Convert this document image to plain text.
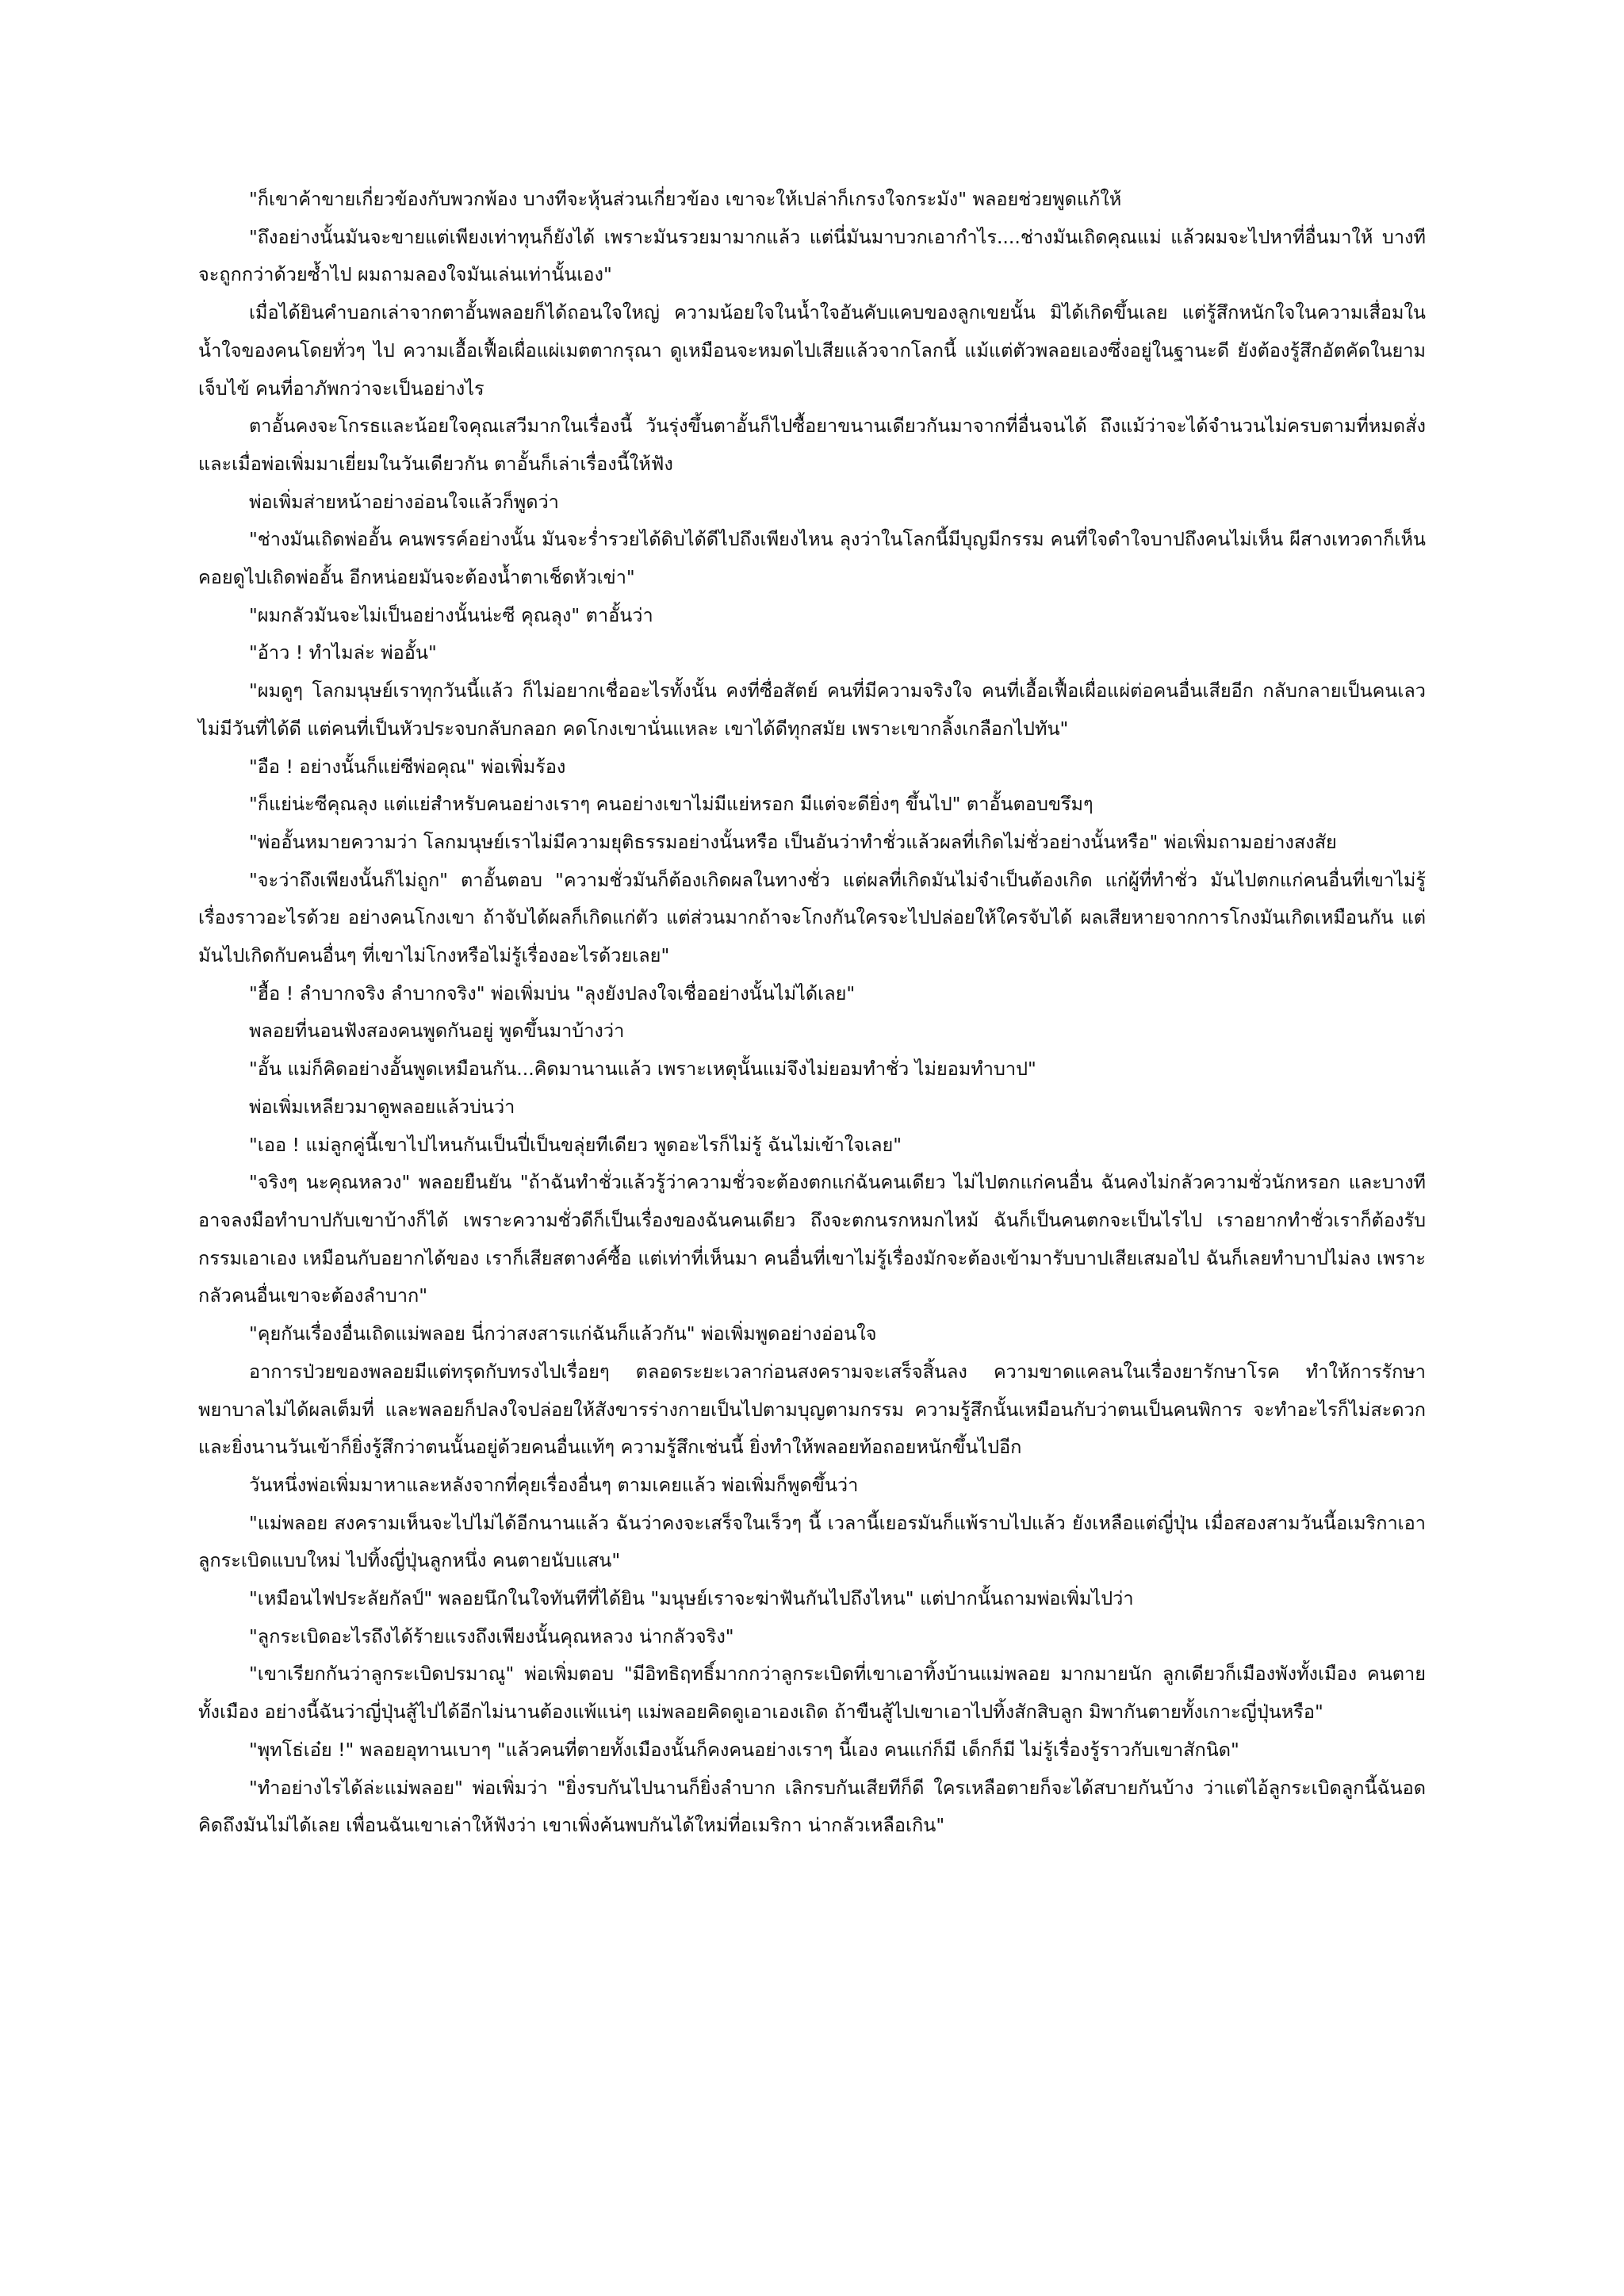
"ก็เขาค้าขายเกี่ยวข้องกับพวกพ้อง บางทีจะหุ้นส่วนเกี่ยวข้อง เขาจะให้เปล่าก็เกรงใจกระมัง" พลอยช่วยพูดแก้ให้

"ถึงอย่างนั้นมันจะขายแต่เพียงเท่าทุนก็ยังได้ เพราะมันรวยมามากแล้ว แต่นี่มันมาบวกเอากำไร....ช่างมันเถิดคุณแม่ แล้วผมจะไปหาที่อื่นมาให้ บางทีจะถูกกว่าด้วยซ้ำไป ผมถามลองใจมันเล่นเท่านั้นเอง"

เมื่อได้ยินคำบอกเล่าจากตาอั้นพลอยก็ได้ถอนใจใหญ่ ความน้อยใจในน้ำใจอันคับแคบของลูกเขยนั้น มิได้เกิดขึ้นเลย แต่รู้สึกหนักใจในความเสื่อมในน้ำใจของคนโดยทั่วๆ ไป ความเอื้อเฟื้อเผื่อแผ่เมตตากรุณา ดูเหมือนจะหมดไปเสียแล้วจากโลกนี้ แม้แต่ตัวพลอยเองซึ่งอยู่ในฐานะดี ยังต้องรู้สึกอัตคัดในยามเจ็บไข้ คนที่อาภัพกว่าจะเป็นอย่างไร

ตาอั้นคงจะโกรธและน้อยใจคุณเสวีมากในเรื่องนี้ วันรุ่งขึ้นตาอั้นก็ไปซื้อยาขนานเดียวกันมาจากที่อื่นจนได้ ถึงแม้ว่าจะได้จำนวนไม่ครบตามที่หมดสั่ง และเมื่อพ่อเพิ่มมาเยี่ยมในวันเดียวกัน ตาอั้นก็เล่าเรื่องนี้ให้ฟัง

พ่อเพิ่มส่ายหน้าอย่างอ่อนใจแล้วก็พูดว่า

"ช่างมันเถิดพ่ออั้น คนพรรค์อย่างนั้น มันจะร่ำรวยได้ดิบได้ดีไปถึงเพียงไหน ลุงว่าในโลกนี้มีบุญมีกรรม คนที่ใจดำใจบาปถึงคนไม่เห็น ผีสางเทวดาก็เห็น คอยดูไปเถิดพ่ออั้น อีกหน่อยมันจะต้องน้ำตาเช็ดหัวเข่า"

"ผมกลัวมันจะไม่เป็นอย่างนั้นน่ะซี คุณลุง" ตาอั้นว่า

"อ้าว ! ทำไมล่ะ พ่ออั้น"

"ผมดูๆ โลกมนุษย์เราทุกวันนี้แล้ว ก็ไม่อยากเชื่ออะไรทั้งนั้น คงที่ซื่อสัตย์ คนที่มีความจริงใจ คนที่เอื้อเฟื้อเผื่อแผ่ต่อคนอื่นเสียอีก กลับกลายเป็นคนเลวไม่มีวันที่ได้ดี แต่คนที่เป็นหัวประจบกลับกลอก คดโกงเขานั่นแหละ เขาได้ดีทุกสมัย เพราะเขากลิ้งเกลือกไปทัน"

"อือ ! อย่างนั้นก็แย่ซีพ่อคุณ" พ่อเพิ่มร้อง

"ก็แย่น่ะซีคุณลุง แต่แย่สำหรับคนอย่างเราๆ คนอย่างเขาไม่มีแย่หรอก มีแต่จะดียิ่งๆ ขึ้นไป" ตาอั้นตอบขรึมๆ

"พ่ออั้นหมายความว่า โลกมนุษย์เราไม่มีความยุติธรรมอย่างนั้นหรือ เป็นอันว่าทำชั่วแล้วผลที่เกิดไม่ชั่วอย่างนั้นหรือ" พ่อเพิ่มถามอย่างสงสัย

"จะว่าถึงเพียงนั้นก็ไม่ถูก" ตาอั้นตอบ "ความชั่วมันก็ต้องเกิดผลในทางชั่ว แต่ผลที่เกิดมันไม่จำเป็นต้องเกิด แก่ผู้ที่ทำชั่ว มันไปตกแก่คนอื่นที่เขาไม่รู้เรื่องราวอะไรด้วย อย่างคนโกงเขา ถ้าจับได้ผลก็เกิดแก่ตัว แต่ส่วนมากถ้าจะโกงกันใครจะไปปล่อยให้ใครจับได้ ผลเสียหายจากการโกงมันเกิดเหมือนกัน แต่มันไปเกิดกับคนอื่นๆ ที่เขาไม่โกงหรือไม่รู้เรื่องอะไรด้วยเลย"

"ฮื้อ ! ลำบากจริง ลำบากจริง" พ่อเพิ่มบ่น "ลุงยังปลงใจเชื่ออย่างนั้นไม่ได้เลย"

พลอยที่นอนฟังสองคนพูดกันอยู่ พูดขึ้นมาบ้างว่า

"อั้น แม่ก็คิดอย่างอั้นพูดเหมือนกัน...คิดมานานแล้ว เพราะเหตุนั้นแม่จึงไม่ยอมทำชั่ว ไม่ยอมทำบาป"

พ่อเพิ่มเหลียวมาดูพลอยแล้วบ่นว่า

"เออ ! แม่ลูกคู่นี้เขาไปไหนกันเป็นปี่เป็นขลุ่ยทีเดียว พูดอะไรก็ไม่รู้ ฉันไม่เข้าใจเลย"

"จริงๆ นะคุณหลวง" พลอยยืนยัน "ถ้าฉันทำชั่วแล้วรู้ว่าความชั่วจะต้องตกแก่ฉันคนเดียว ไม่ไปตกแก่คนอื่น ฉันคงไม่กลัวความชั่วนักหรอก และบางทีอาจลงมือทำบาปกับเขาบ้างก็ได้ เพราะความชั่วดีก็เป็นเรื่องของฉันคนเดียว ถึงจะตกนรกหมกไหม้ ฉันก็เป็นคนตกจะเป็นไรไป เราอยากทำชั่วเราก็ต้องรับกรรมเอาเอง เหมือนกับอยากได้ของ เราก็เสียสตางค์ซื้อ แต่เท่าที่เห็นมา คนอื่นที่เขาไม่รู้เรื่องมักจะต้องเข้ามารับบาปเสียเสมอไป ฉันก็เลยทำบาปไม่ลง เพราะกลัวคนอื่นเขาจะต้องลำบาก"

"คุยกันเรื่องอื่นเถิดแม่พลอย นี่กว่าสงสารแก่ฉันก็แล้วกัน" พ่อเพิ่มพูดอย่างอ่อนใจ

อาการป่วยของพลอยมีแต่ทรุดกับทรงไปเรื่อยๆ ตลอดระยะเวลาก่อนสงครามจะเสร็จสิ้นลง ความขาดแคลนในเรื่องยารักษาโรค ทำให้การรักษาพยาบาลไม่ได้ผลเต็มที่ และพลอยก็ปลงใจปล่อยให้สังขารร่างกายเป็นไปตามบุญตามกรรม ความรู้สึกนั้นเหมือนกับว่าตนเป็นคนพิการ จะทำอะไรก็ไม่สะดวก และยิ่งนานวันเข้าก็ยิ่งรู้สึกว่าตนนั้นอยู่ด้วยคนอื่นแท้ๆ ความรู้สึกเช่นนี้ ยิ่งทำให้พลอยท้อถอยหนักขึ้นไปอีก

วันหนึ่งพ่อเพิ่มมาหาและหลังจากที่คุยเรื่องอื่นๆ ตามเคยแล้ว พ่อเพิ่มก็พูดขึ้นว่า

"แม่พลอย สงครามเห็นจะไปไม่ได้อีกนานแล้ว ฉันว่าคงจะเสร็จในเร็วๆ นี้ เวลานี้เยอรมันก็แพ้ราบไปแล้ว ยังเหลือแต่ญี่ปุ่น เมื่อสองสามวันนี้อเมริกาเอาลูกระเบิดแบบใหม่ ไปทิ้งญี่ปุ่นลูกหนึ่ง คนตายนับแสน"

"เหมือนไฟประลัยกัลป์" พลอยนึกในใจทันทีที่ได้ยิน "มนุษย์เราจะฆ่าฟันกันไปถึงไหน" แต่ปากนั้นถามพ่อเพิ่มไปว่า

"ลูกระเบิดอะไรถึงได้ร้ายแรงถึงเพียงนั้นคุณหลวง น่ากลัวจริง"

"เขาเรียกกันว่าลูกระเบิดปรมาณู" พ่อเพิ่มตอบ "มีอิทธิฤทธิ์มากกว่าลูกระเบิดที่เขาเอาทิ้งบ้านแม่พลอย มากมายนัก ลูกเดียวก็เมืองพังทั้งเมือง คนตายทั้งเมือง อย่างนี้ฉันว่าญี่ปุ่นสู้ไปได้อีกไม่นานต้องแพ้แน่ๆ แม่พลอยคิดดูเอาเองเถิด ถ้าขืนสู้ไปเขาเอาไปทิ้งสักสิบลูก มิพากันตายทั้งเกาะญี่ปุ่นหรือ"

"พุทโธ่เอ๋ย !" พลอยอุทานเบาๆ "แล้วคนที่ตายทั้งเมืองนั้นก็คงคนอย่างเราๆ นี้เอง คนแก่ก็มี เด็กก็มี ไม่รู้เรื่องรู้ราวกับเขาสักนิด"

"ทำอย่างไรได้ล่ะแม่พลอย" พ่อเพิ่มว่า "ยิ่งรบกันไปนานก็ยิ่งลำบาก เลิกรบกันเสียทีก็ดี ใครเหลือตายก็จะได้สบายกันบ้าง ว่าแต่ไอ้ลูกระเบิดลูกนี้ฉันอดคิดถึงมันไม่ได้เลย เพื่อนฉันเขาเล่าให้ฟังว่า เขาเพิ่งค้นพบกันได้ใหม่ที่อเมริกา น่ากลัวเหลือเกิน"
